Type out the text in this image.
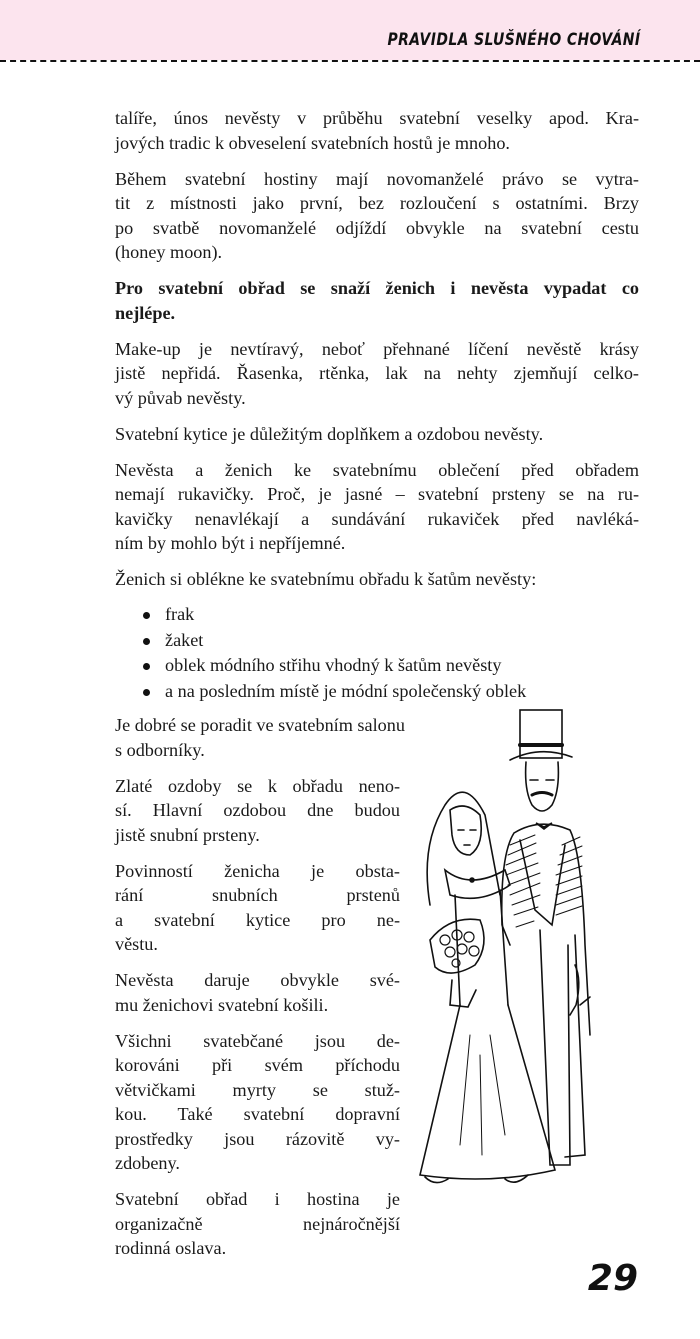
PRAVIDLA SLUŠNÉHO CHOVÁNÍ
talíře, únos nevěsty v průběhu svatební veselky apod. Kra-
jových tradic k obveselení svatebních hostů je mnoho.
Během svatební hostiny mají novomanželé právo se vytra-
tit z místnosti jako první, bez rozloučení s ostatními. Brzy
po svatbě novomanželé odjíždí obvykle na svatební cestu
(honey moon).
Pro svatební obřad se snaží ženich i nevěsta vypadat co
nejlépe.
Make-up je nevtíravý, neboť přehnané líčení nevěstě krásy
jistě nepřidá. Řasenka, rtěnka, lak na nehty zjemňují celko-
vý půvab nevěsty.
Svatební kytice je důležitým doplňkem a ozdobou nevěsty.
Nevěsta a ženich ke svatebnímu oblečení před obřadem
nemají rukavičky. Proč, je jasné – svatební prsteny se na ru-
kavičky nenavlékají a sundávání rukaviček před navléká-
ním by mohlo být i nepříjemné.
Ženich si oblékne ke svatebnímu obřadu k šatům nevěsty:
frak
žaket
oblek módního střihu vhodný k šatům nevěsty
a na posledním místě je módní společenský oblek
Je dobré se poradit ve svatebním salonu
s odborníky.
Zlaté ozdoby se k obřadu neno-
sí. Hlavní ozdobou dne budou
jistě snubní prsteny.
Povinností ženicha je obsta-
rání snubních prstenů
a svatební kytice pro ne-
věstu.
Nevěsta daruje obvykle své-
mu ženichovi svatební košili.
Všichni svatebčané jsou de-
korováni při svém příchodu
větvičkami myrty se stuž-
kou. Také svatební dopravní
prostředky jsou rázovitě vy-
zdobeny.
Svatební obřad i hostina je
organizačně nejnáročnější
rodinná oslava.
29
